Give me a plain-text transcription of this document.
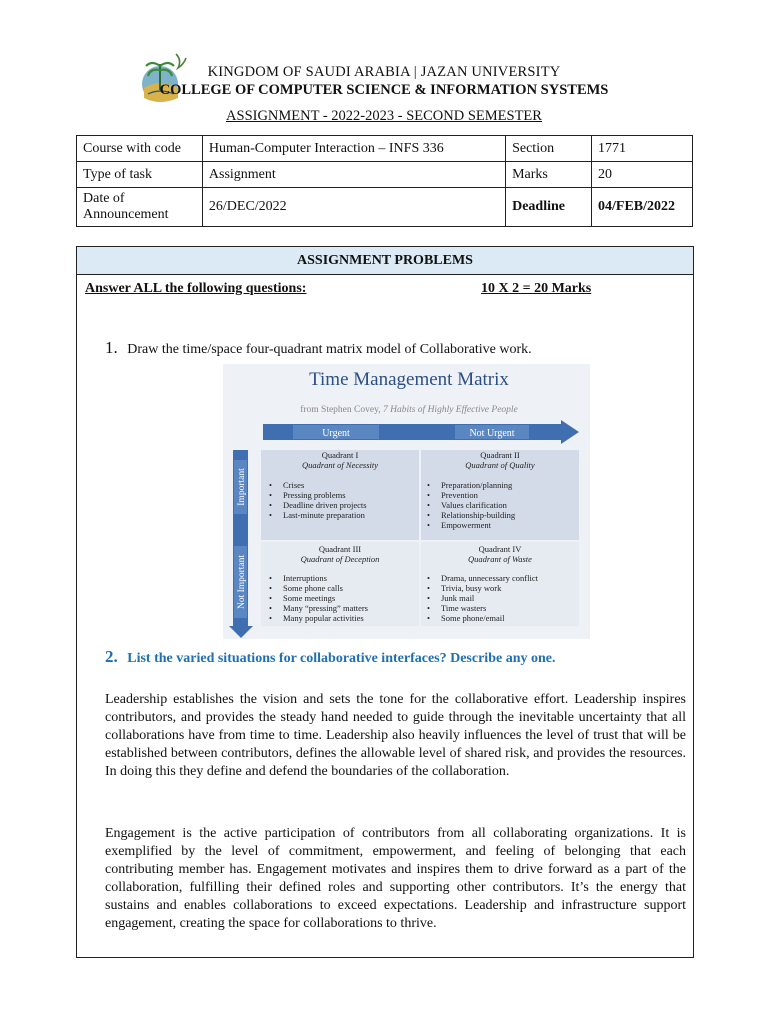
KINGDOM OF SAUDI ARABIA | JAZAN UNIVERSITY
COLLEGE OF COMPUTER SCIENCE & INFORMATION SYSTEMS
ASSIGNMENT - 2022-2023 - SECOND SEMESTER
Course with code	Human-Computer Interaction – INFS 336	Section	1771
Type of task	Assignment	Marks	20

Date of
Announcement	26/DEC/2022	Deadline	04/FEB/2022
ASSIGNMENT PROBLEMS
Answer ALL the following questions:	10 X 2 = 20 Marks
1. Draw the time/space four-quadrant matrix model of Collaborative work.
Time Management Matrix
from Stephen Covey, 7 Habits of Highly Effective People
Urgent	Not Urgent
Important
Not Important
Quadrant I
Quadrant of Necessity
• Crises
• Pressing problems
• Deadline driven projects
• Last-minute preparation
Quadrant II
Quadrant of Quality
• Preparation/planning
• Prevention
• Values clarification
• Relationship-building
• Empowerment
Quadrant III
Quadrant of Deception
• Interruptions
• Some phone calls
• Some meetings
• Many “pressing” matters
• Many popular activities
Quadrant IV
Quadrant of Waste
• Drama, unnecessary conflict
• Trivia, busy work
• Junk mail
• Time wasters
• Some phone/email
2. List the varied situations for collaborative interfaces? Describe any one.

Leadership establishes the vision and sets the tone for the collaborative effort. Leadership inspires contributors, and provides the steady hand needed to guide through the inevitable uncertainty that all collaborations have from time to time. Leadership also heavily influences the level of trust that will be established between contributors, defines the allowable level of shared risk, and provides the resources. In doing this they define and defend the boundaries of the collaboration.

Engagement is the active participation of contributors from all collaborating organizations. It is exemplified by the level of commitment, empowerment, and feeling of belonging that each contributing member has. Engagement motivates and inspires them to drive forward as a part of the collaboration, fulfilling their defined roles and supporting other contributors. It’s the energy that sustains and enables collaborations to exceed expectations. Leadership and infrastructure support engagement, creating the space for collaborations to thrive.
